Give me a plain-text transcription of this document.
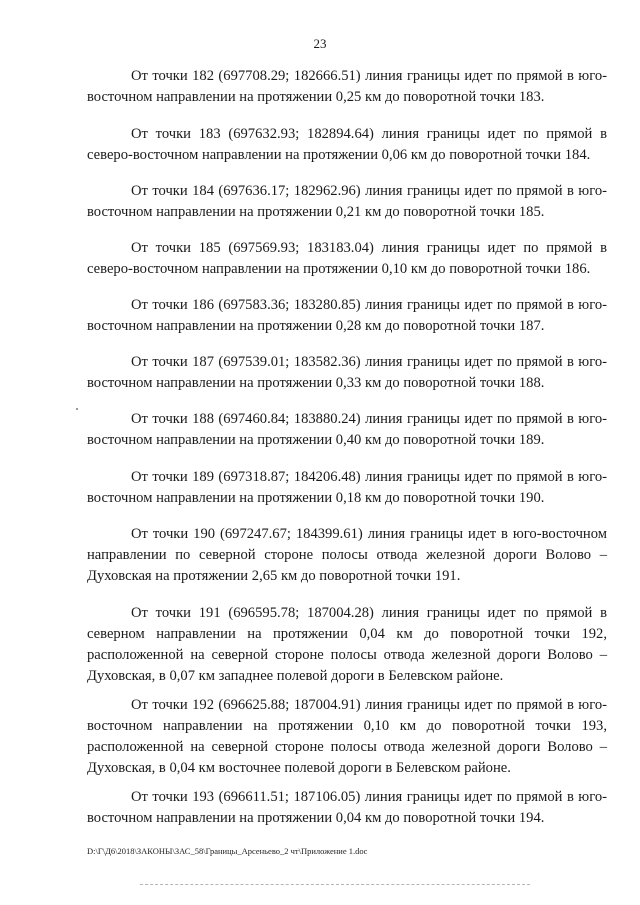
23

От точки 182 (697708.29; 182666.51) линия границы идет по прямой в юго-восточном направлении на протяжении 0,25 км до поворотной точки 183.

От точки 183 (697632.93; 182894.64) линия границы идет по прямой в северо-восточном направлении на протяжении 0,06 км до поворотной точки 184.

От точки 184 (697636.17; 182962.96) линия границы идет по прямой в юго-восточном направлении на протяжении 0,21 км до поворотной точки 185.

От точки 185 (697569.93; 183183.04) линия границы идет по прямой в северо-восточном направлении на протяжении 0,10 км до поворотной точки 186.

От точки 186 (697583.36; 183280.85) линия границы идет по прямой в юго-восточном направлении на протяжении 0,28 км до поворотной точки 187.

От точки 187 (697539.01; 183582.36) линия границы идет по прямой в юго-восточном направлении на протяжении 0,33 км до поворотной точки 188.

От точки 188 (697460.84; 183880.24) линия границы идет по прямой в юго-восточном направлении на протяжении 0,40 км до поворотной точки 189.

От точки 189 (697318.87; 184206.48) линия границы идет по прямой в юго-восточном направлении на протяжении 0,18 км до поворотной точки 190.

От точки 190 (697247.67; 184399.61) линия границы идет в юго-восточном направлении по северной стороне полосы отвода железной дороги Волово – Духовская на протяжении 2,65 км до поворотной точки 191.

От точки 191 (696595.78; 187004.28) линия границы идет по прямой в северном направлении на протяжении 0,04 км до поворотной точки 192, расположенной на северной стороне полосы отвода железной дороги Волово – Духовская, в 0,07 км западнее полевой дороги в Белевском районе.

От точки 192 (696625.88; 187004.91) линия границы идет по прямой в юго-восточном направлении на протяжении 0,10 км до поворотной точки 193, расположенной на северной стороне полосы отвода железной дороги Волово – Духовская, в 0,04 км восточнее полевой дороги в Белевском районе.

От точки 193 (696611.51; 187106.05) линия границы идет по прямой в юго-восточном направлении на протяжении 0,04 км до поворотной точки 194.

D:\Г\Д6\2018\ЗАКОНЫ\ЗАС_58\Границы_Арсеньево_2 чт\Приложение 1.doc
